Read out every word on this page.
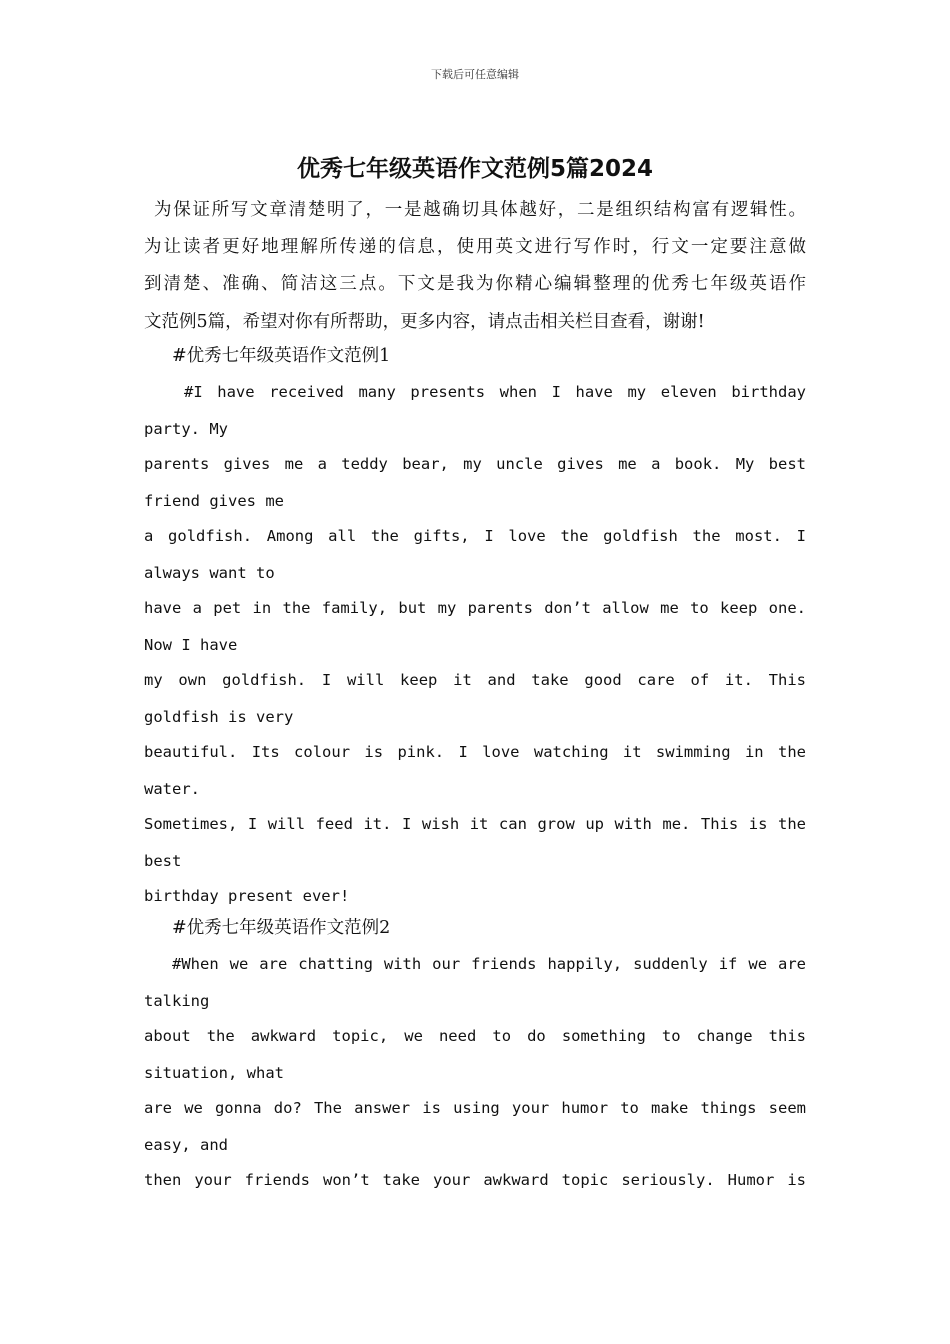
下载后可任意编辑
优秀七年级英语作文范例5篇2024
为保证所写文章清楚明了，一是越确切具体越好，二是组织结构富有逻辑性。
为让读者更好地理解所传递的信息，使用英文进行写作时，行文一定要注意做
到清楚、准确、简洁这三点。下文是我为你精心编辑整理的优秀七年级英语作
文范例5篇，希望对你有所帮助，更多内容，请点击相关栏目查看，谢谢!
#优秀七年级英语作文范例1
#I have received many presents when I have my eleven birthday
party. My
parents gives me a teddy bear, my uncle gives me a book. My best
friend gives me
a goldfish. Among all the gifts, I love the goldfish the most. I
always want to
have a pet in the family, but my parents don’t allow me to keep one.
Now I have
my own goldfish. I will keep it and take good care of it. This
goldfish is very
beautiful. Its colour is pink. I love watching it swimming in the
water.
Sometimes, I will feed it. I wish it can grow up with me. This is the
best
birthday present ever!
#优秀七年级英语作文范例2
#When we are chatting with our friends happily, suddenly if we are
talking
about the awkward topic, we need to do something to change this
situation, what
are we gonna do? The answer is using your humor to make things seem
easy, and
then your friends won’t take your awkward topic seriously. Humor is
